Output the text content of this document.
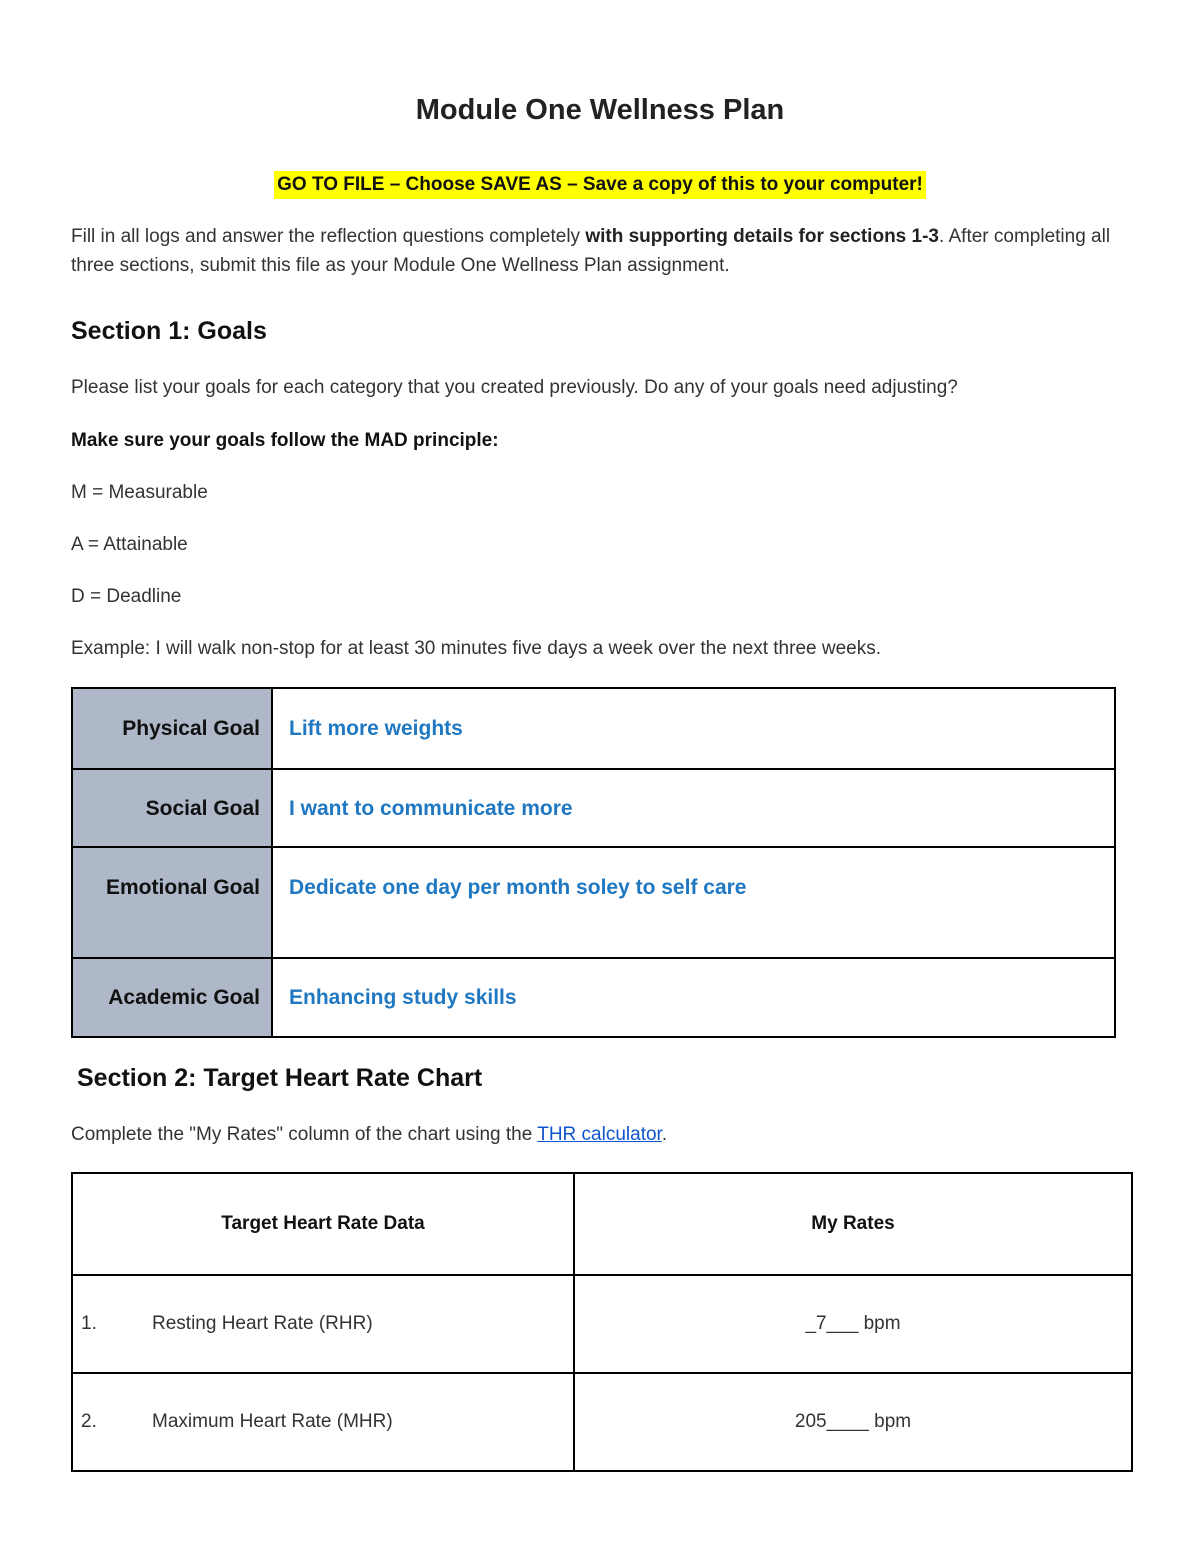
Module One Wellness Plan
GO TO FILE – Choose SAVE AS – Save a copy of this to your computer!
Fill in all logs and answer the reflection questions completely with supporting details for sections 1-3. After completing all three sections, submit this file as your Module One Wellness Plan assignment.
Section 1: Goals
Please list your goals for each category that you created previously. Do any of your goals need adjusting?
Make sure your goals follow the MAD principle:
M = Measurable
A = Attainable
D = Deadline
Example: I will walk non-stop for at least 30 minutes five days a week over the next three weeks.
Physical Goal	Lift more weights
Social Goal	I want to communicate more
Emotional Goal	Dedicate one day per month soley to self care
Academic Goal	Enhancing study skills
Section 2: Target Heart Rate Chart
Complete the "My Rates" column of the chart using the THR calculator.
Target Heart Rate Data	My Rates
1. Resting Heart Rate (RHR)	_7___ bpm
2. Maximum Heart Rate (MHR)	205____ bpm
